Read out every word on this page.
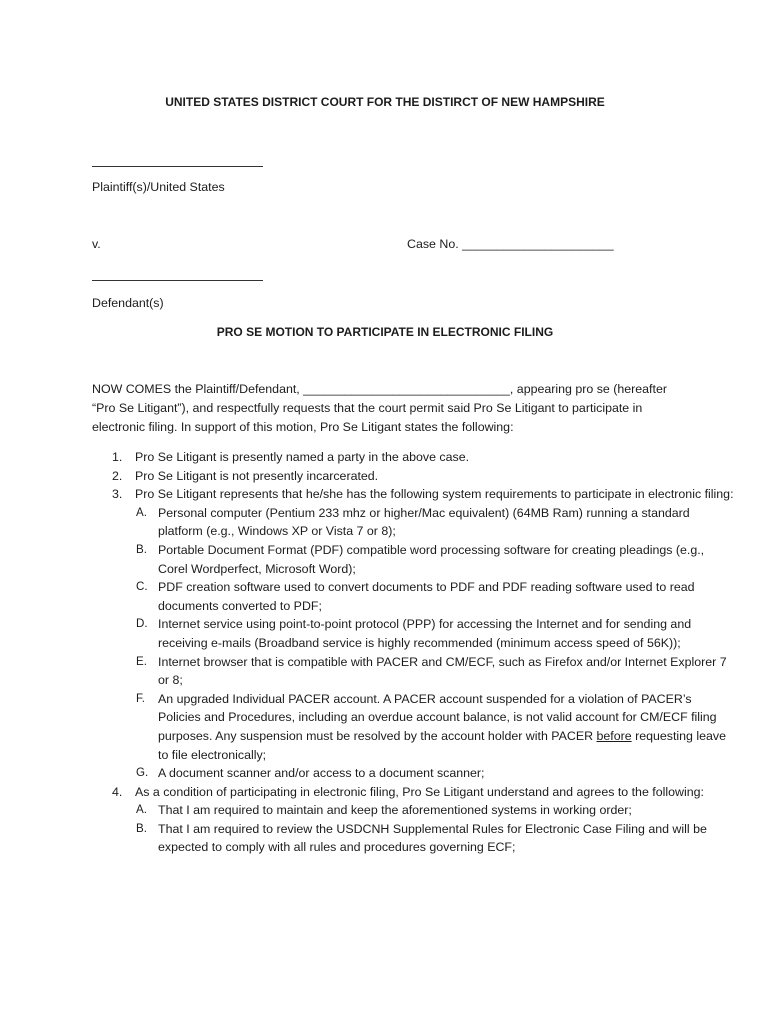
UNITED STATES DISTRICT COURT FOR THE DISTIRCT OF NEW HAMPSHIRE
Plaintiff(s)/United States
v.	Case No. ______________________
Defendant(s)
PRO SE MOTION TO PARTICIPATE IN ELECTRONIC FILING
NOW COMES the Plaintiff/Defendant, ______________________________, appearing pro se (hereafter
“Pro Se Litigant”), and respectfully requests that the court permit said Pro Se Litigant to participate in
electronic filing. In support of this motion, Pro Se Litigant states the following:
Pro Se Litigant is presently named a party in the above case.
Pro Se Litigant is not presently incarcerated.
Pro Se Litigant represents that he/she has the following system requirements to participate in electronic filing:
Personal computer (Pentium 233 mhz or higher/Mac equivalent) (64MB Ram) running a standard platform (e.g., Windows XP or Vista 7 or 8);
Portable Document Format (PDF) compatible word processing software for creating pleadings (e.g., Corel Wordperfect, Microsoft Word);
PDF creation software used to convert documents to PDF and PDF reading software used to read documents converted to PDF;
Internet service using point-to-point protocol (PPP) for accessing the Internet and for sending and receiving e-mails (Broadband service is highly recommended (minimum access speed of 56K));
Internet browser that is compatible with PACER and CM/ECF, such as Firefox and/or Internet Explorer 7 or 8;
An upgraded Individual PACER account. A PACER account suspended for a violation of PACER’s Policies and Procedures, including an overdue account balance, is not valid account for CM/ECF filing purposes. Any suspension must be resolved by the account holder with PACER before requesting leave to file electronically;
A document scanner and/or access to a document scanner;
As a condition of participating in electronic filing, Pro Se Litigant understand and agrees to the following:
That I am required to maintain and keep the aforementioned systems in working order;
That I am required to review the USDCNH Supplemental Rules for Electronic Case Filing and will be expected to comply with all rules and procedures governing ECF;
